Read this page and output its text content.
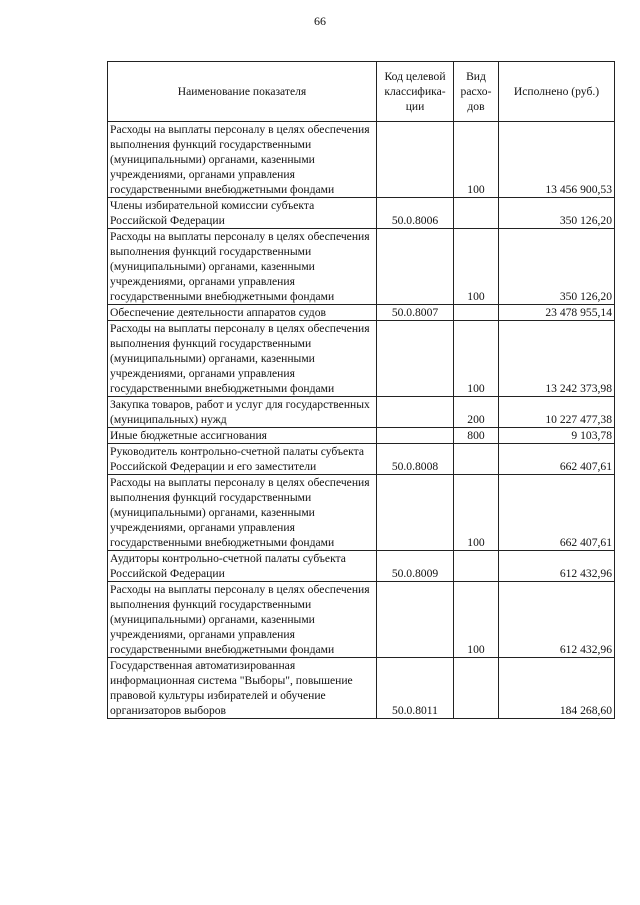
66
Наименование показателя	Код целевой классифика-ции	Вид расхо-дов	Исполнено (руб.)
Расходы на выплаты персоналу в целях обеспечения выполнения функций государственными (муниципальными) органами, казенными учреждениями, органами управления государственными внебюджетными фондами		100	13 456 900,53
Члены избирательной комиссии субъекта Российской Федерации	50.0.8006		350 126,20
Расходы на выплаты персоналу в целях обеспечения выполнения функций государственными (муниципальными) органами, казенными учреждениями, органами управления государственными внебюджетными фондами		100	350 126,20
Обеспечение деятельности аппаратов судов	50.0.8007		23 478 955,14
Расходы на выплаты персоналу в целях обеспечения выполнения функций государственными (муниципальными) органами, казенными учреждениями, органами управления государственными внебюджетными фондами		100	13 242 373,98
Закупка товаров, работ и услуг для государственных (муниципальных) нужд		200	10 227 477,38
Иные бюджетные ассигнования		800	9 103,78
Руководитель контрольно-счетной палаты субъекта Российской Федерации и его заместители	50.0.8008		662 407,61
Расходы на выплаты персоналу в целях обеспечения выполнения функций государственными (муниципальными) органами, казенными учреждениями, органами управления государственными внебюджетными фондами		100	662 407,61
Аудиторы контрольно-счетной палаты субъекта Российской Федерации	50.0.8009		612 432,96
Расходы на выплаты персоналу в целях обеспечения выполнения функций государственными (муниципальными) органами, казенными учреждениями, органами управления государственными внебюджетными фондами		100	612 432,96
Государственная автоматизированная информационная система "Выборы", повышение правовой культуры избирателей и обучение организаторов выборов	50.0.8011		184 268,60
